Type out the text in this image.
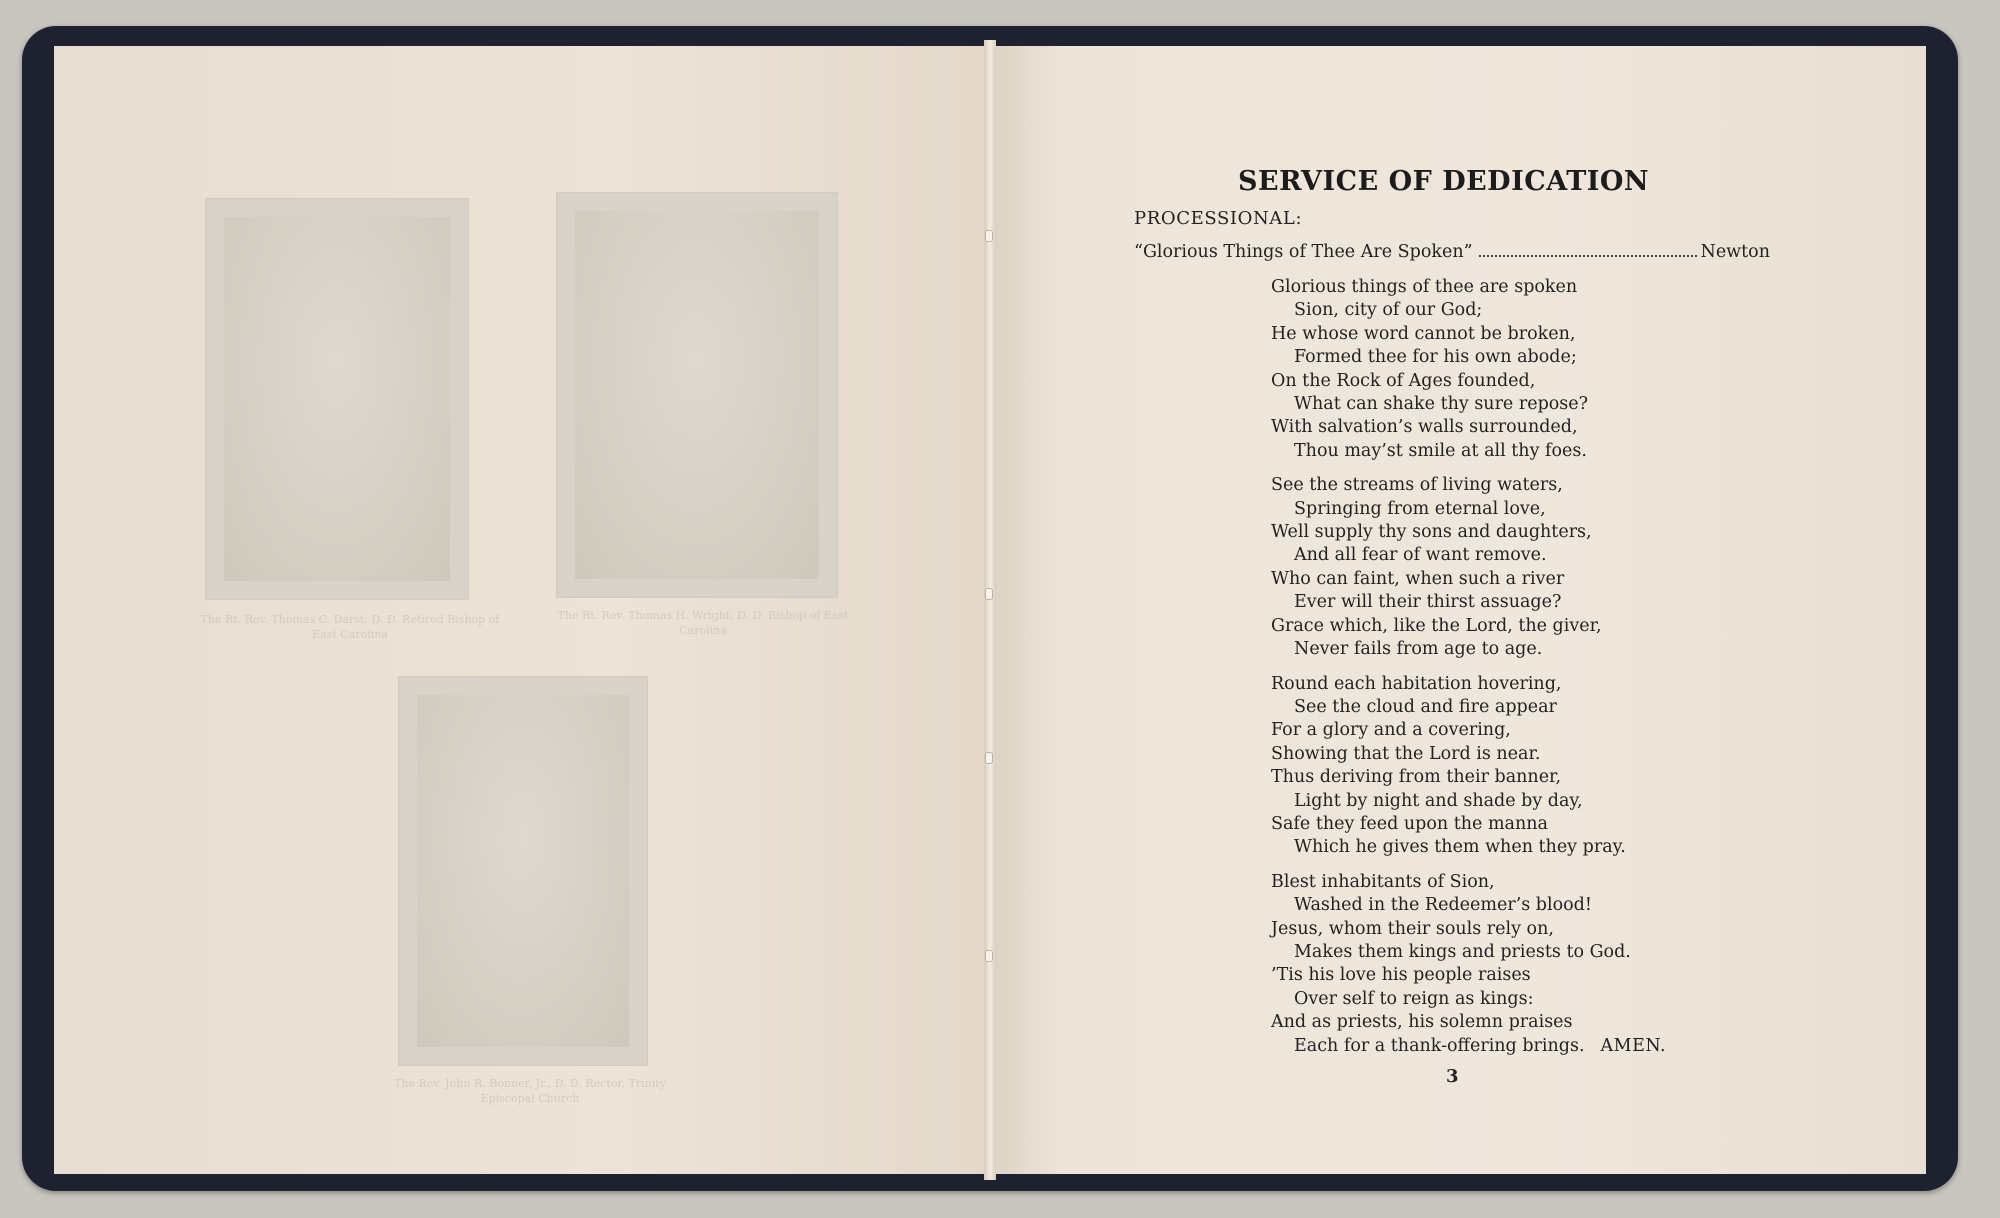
The Rt. Rev. Thomas C. Darst, D. D. Retired Bishop of East Carolina
The Rt. Rev. Thomas H. Wright, D. D. Bishop of East Carolina
The Rev. John R. Bonner, Jr., D. D. Rector, Trinity Episcopal Church
SERVICE OF DEDICATION
PROCESSIONAL:
“Glorious Things of Thee Are Spoken”	Newton
Glorious things of thee are spoken
Sion, city of our God;
He whose word cannot be broken,
Formed thee for his own abode;
On the Rock of Ages founded,
What can shake thy sure repose?
With salvation’s walls surrounded,
Thou may’st smile at all thy foes.
See the streams of living waters,
Springing from eternal love,
Well supply thy sons and daughters,
And all fear of want remove.
Who can faint, when such a river
Ever will their thirst assuage?
Grace which, like the Lord, the giver,
Never fails from age to age.
Round each habitation hovering,
See the cloud and fire appear
For a glory and a covering,
Showing that the Lord is near.
Thus deriving from their banner,
Light by night and shade by day,
Safe they feed upon the manna
Which he gives them when they pray.
Blest inhabitants of Sion,
Washed in the Redeemer’s blood!
Jesus, whom their souls rely on,
Makes them kings and priests to God.
’Tis his love his people raises
Over self to reign as kings:
And as priests, his solemn praises
Each for a thank-offering brings. AMEN.
3
